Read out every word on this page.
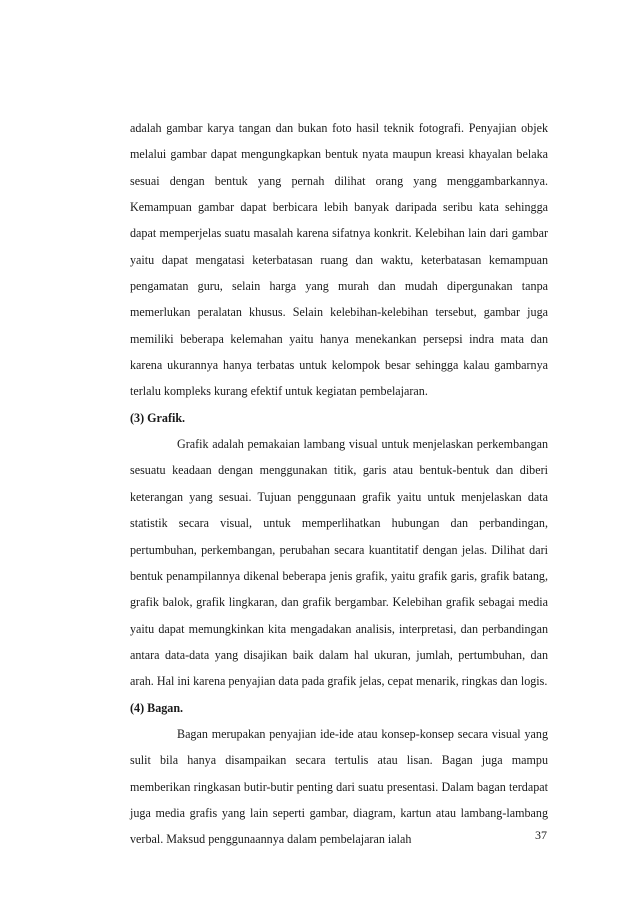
adalah gambar karya tangan dan bukan foto hasil teknik fotografi. Penyajian objek melalui gambar dapat mengungkapkan bentuk nyata maupun kreasi khayalan belaka sesuai dengan bentuk yang pernah dilihat orang yang menggambarkannya. Kemampuan gambar dapat berbicara lebih banyak daripada seribu kata sehingga dapat memperjelas suatu masalah karena sifatnya konkrit. Kelebihan lain dari gambar yaitu dapat mengatasi keterbatasan ruang dan waktu, keterbatasan kemampuan pengamatan guru, selain harga yang murah dan mudah dipergunakan tanpa memerlukan peralatan khusus. Selain kelebihan-kelebihan tersebut, gambar juga memiliki beberapa kelemahan yaitu hanya menekankan persepsi indra mata dan karena ukurannya hanya terbatas untuk kelompok besar sehingga kalau gambarnya terlalu kompleks kurang efektif untuk kegiatan pembelajaran.

(3) Grafik.

Grafik adalah pemakaian lambang visual untuk menjelaskan perkembangan sesuatu keadaan dengan menggunakan titik, garis atau bentuk-bentuk dan diberi keterangan yang sesuai. Tujuan penggunaan grafik yaitu untuk menjelaskan data statistik secara visual, untuk memperlihatkan hubungan dan perbandingan, pertumbuhan, perkembangan, perubahan secara kuantitatif dengan jelas. Dilihat dari bentuk penampilannya dikenal beberapa jenis grafik, yaitu grafik garis, grafik batang, grafik balok, grafik lingkaran, dan grafik bergambar. Kelebihan grafik sebagai media yaitu dapat memungkinkan kita mengadakan analisis, interpretasi, dan perbandingan antara data-data yang disajikan baik dalam hal ukuran, jumlah, pertumbuhan, dan arah. Hal ini karena penyajian data pada grafik jelas, cepat menarik, ringkas dan logis.

(4) Bagan.

Bagan merupakan penyajian ide-ide atau konsep-konsep secara visual yang sulit bila hanya disampaikan secara tertulis atau lisan. Bagan juga mampu memberikan ringkasan butir-butir penting dari suatu presentasi. Dalam bagan terdapat juga media grafis yang lain seperti gambar, diagram, kartun atau lambang-lambang verbal. Maksud penggunaannya dalam pembelajaran ialah	37
